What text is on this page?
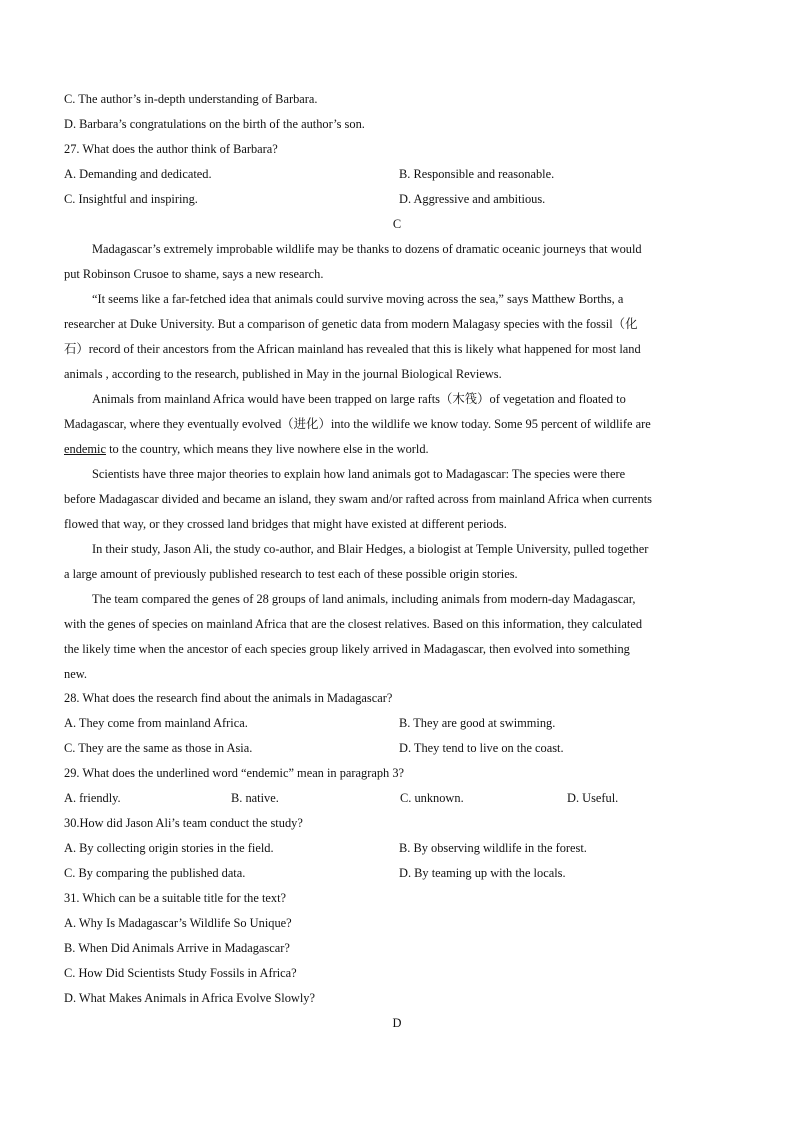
C. The author’s in-depth understanding of Barbara.
D. Barbara’s congratulations on the birth of the author’s son.
27. What does the author think of Barbara?
A. Demanding and dedicated.	B. Responsible and reasonable.
C. Insightful and inspiring.	D. Aggressive and ambitious.
C
Madagascar’s extremely improbable wildlife may be thanks to dozens of dramatic oceanic journeys that would
put Robinson Crusoe to shame, says a new research.
“It seems like a far-fetched idea that animals could survive moving across the sea,” says Matthew Borths, a
researcher at Duke University. But a comparison of genetic data from modern Malagasy species with the fossil（化
石）record of their ancestors from the African mainland has revealed that this is likely what happened for most land
animals , according to the research, published in May in the journal Biological Reviews.
Animals from mainland Africa would have been trapped on large rafts（木筏）of vegetation and floated to
Madagascar, where they eventually evolved（进化）into the wildlife we know today. Some 95 percent of wildlife are
endemic to the country, which means they live nowhere else in the world.
Scientists have three major theories to explain how land animals got to Madagascar: The species were there
before Madagascar divided and became an island, they swam and/or rafted across from mainland Africa when currents
flowed that way, or they crossed land bridges that might have existed at different periods.
In their study, Jason Ali, the study co-author, and Blair Hedges, a biologist at Temple University, pulled together
a large amount of previously published research to test each of these possible origin stories.
The team compared the genes of 28 groups of land animals, including animals from modern-day Madagascar,
with the genes of species on mainland Africa that are the closest relatives. Based on this information, they calculated
the likely time when the ancestor of each species group likely arrived in Madagascar, then evolved into something
new.
28. What does the research find about the animals in Madagascar?
A. They come from mainland Africa.	B. They are good at swimming.
C. They are the same as those in Asia.	D. They tend to live on the coast.
29. What does the underlined word “endemic” mean in paragraph 3?
A. friendly.	B. native.	C. unknown.	D. Useful.
30.How did Jason Ali’s team conduct the study?
A. By collecting origin stories in the field.	B. By observing wildlife in the forest.
C. By comparing the published data.	D. By teaming up with the locals.
31. Which can be a suitable title for the text?
A. Why Is Madagascar’s Wildlife So Unique?
B. When Did Animals Arrive in Madagascar?
C. How Did Scientists Study Fossils in Africa?
D. What Makes Animals in Africa Evolve Slowly?
D
